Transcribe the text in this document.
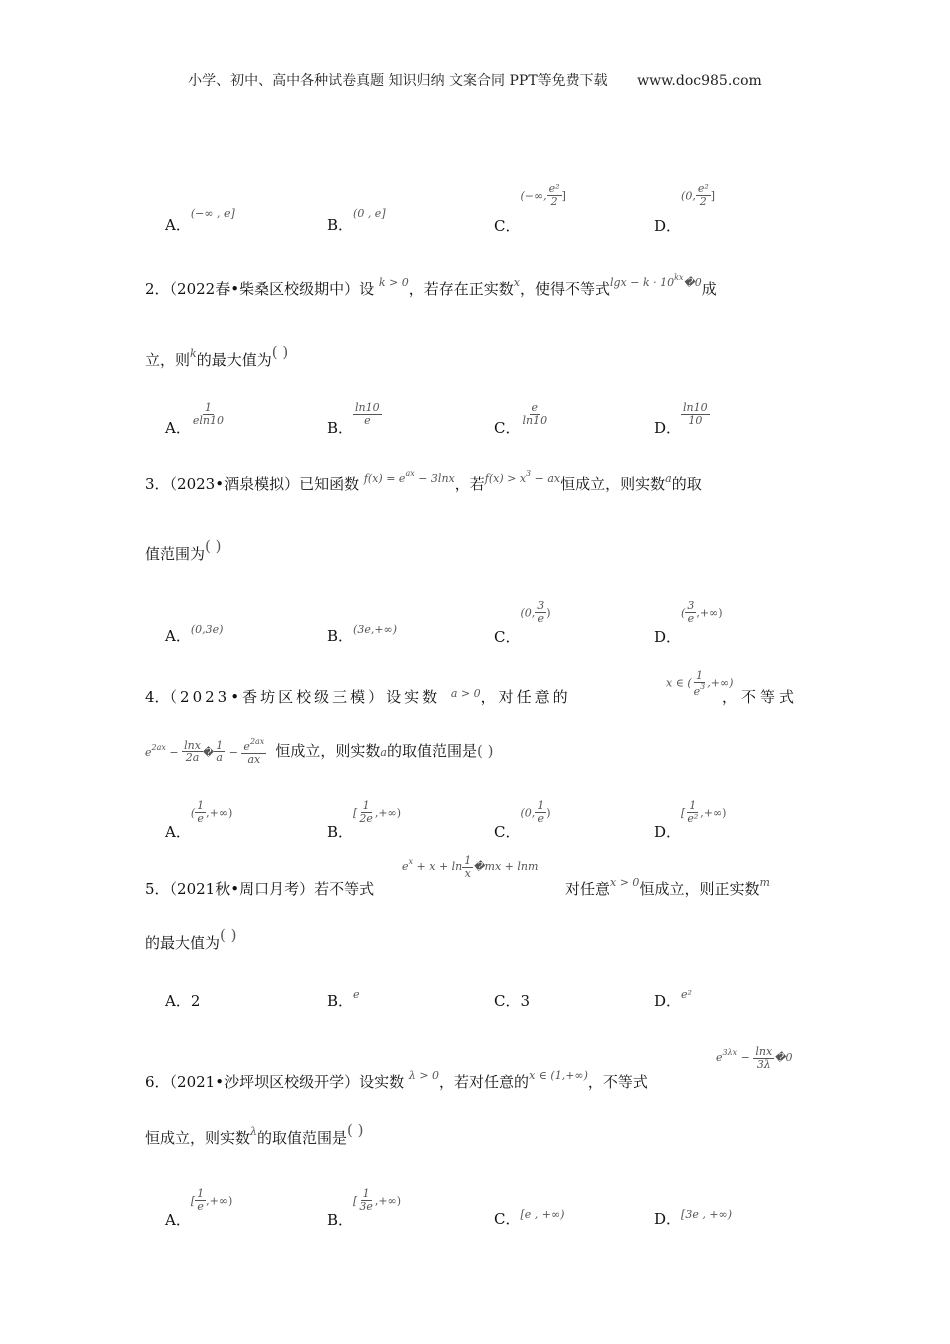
小学、初中、高中各种试卷真题 知识归纳 文案合同 PPT等免费下载 www.doc985.com
A．(−∞ , e]
B．(0 , e]
C．(−∞, $\frac{\text{e²}}{2}$ ]
D．(0, $\frac{\text{e²}}{2}$ ]
2．（2022春•柴桑区校级期中）设 $^{k > 0}$，若存在正实数$^x$，使得不等式$^{lgx - k \cdot 10^{kx}�0}$成
立，则$^k$的最大值为( )
A．
$\frac{1}{eln10}$
B．
$\frac{\ln 10}{e}$
C．
$\frac{e}{\ln 10}$
D．
$\frac{\ln 10}{10}$
3．（2023•酒泉模拟）已知函数 $^{f(x) = e^{ax} - 3lnx}$，若$^{f(x) > x^3 - ax}$恒成立，则实数$^a$的取
值范围为( )
A．(0,3e)	B．(3e,+∞)	C．(0, $\frac{3}{e}$ )
D．( $\frac{3}{e}$ ,+∞)
4．（2023•香坊区校级三模）设实数 $^{a > 0}$，对任意的
x ∈ ( $\frac{1}{e^3}$ ,+∞)
，不等式
$e^{2ax} - \frac{\ln x}{2a}$ � $\frac{1}{a} - \frac{e^{2ax}}{ax}$ 恒成立，则实数a的取值范围是( )
A．( $\frac{1}{e}$ ,+∞)
B．[ $\frac{1}{2e}$ ,+∞)
C．(0, $\frac{1}{e}$ )
D．[ $\frac{1}{\text{e²}}$ ,+∞)
5．（2021秋•周口月考）若不等式
$e^x + x + \ln \frac{1}{x}$ �mx + lnm
对任意$^{x > 0}$恒成立，则正实数$^m$
的最大值为( )
A．2	B．$^e$	C．3	D．$^{e^2}$
6．（2021•沙坪坝区校级开学）设实数 $^{\lambda > 0}$，若对任意的$^{x \in (1,+\infty)}$，不等式
$e^{3\lambda x} - \frac{\ln x}{3\lambda}$ �0
恒成立，则实数$^\lambda$的取值范围是( )
A．[ $\frac{1}{e}$ ,+∞)
B．[ $\frac{1}{3e}$ ,+∞)
C．[e , +∞)	D．[3e , +∞)
